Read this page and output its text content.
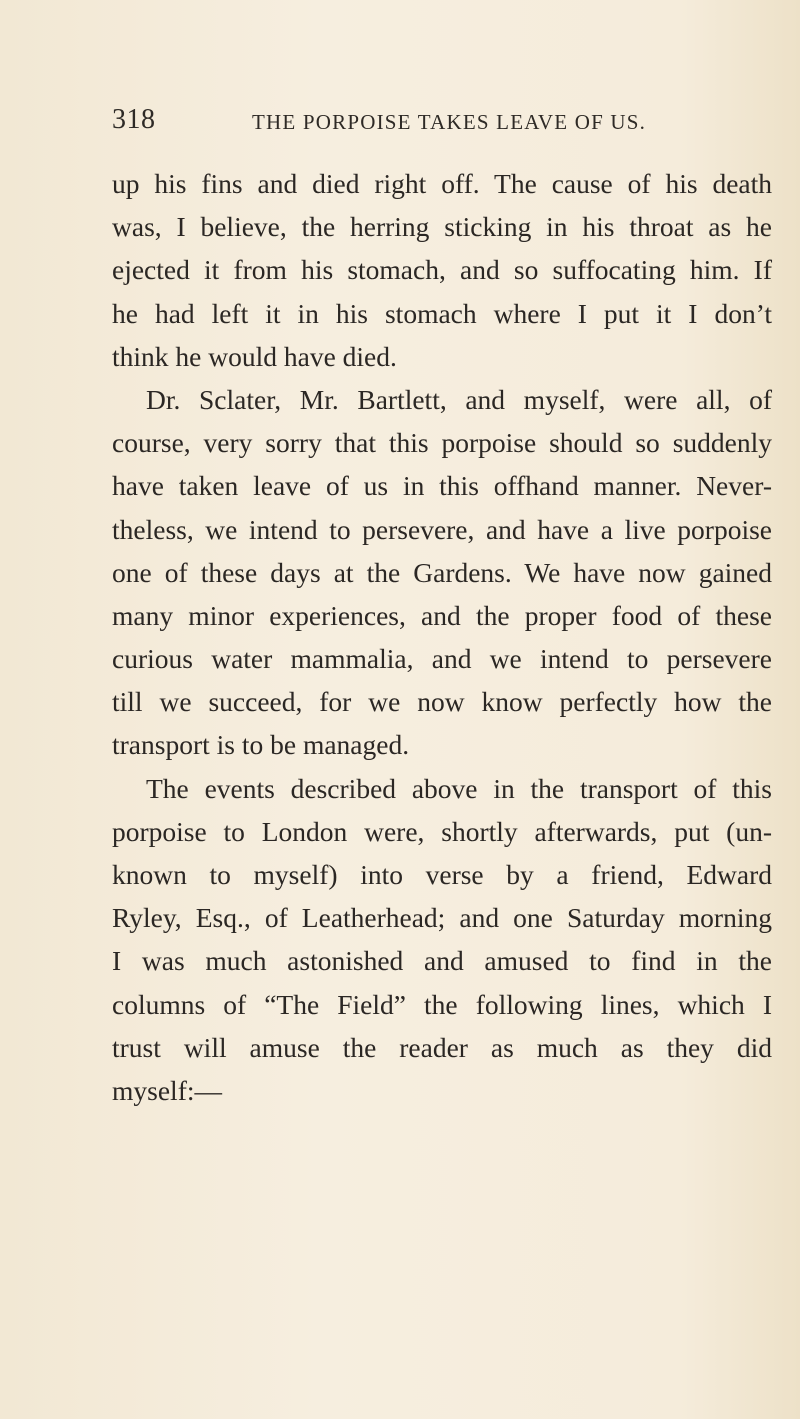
318	THE PORPOISE TAKES LEAVE OF US.
up his fins and died right off. The cause of his death
was, I believe, the herring sticking in his throat as he
ejected it from his stomach, and so suffocating him. If
he had left it in his stomach where I put it I don’t
think he would have died.
Dr. Sclater, Mr. Bartlett, and myself, were all, of
course, very sorry that this porpoise should so suddenly
have taken leave of us in this offhand manner. Never-
theless, we intend to persevere, and have a live porpoise
one of these days at the Gardens. We have now gained
many minor experiences, and the proper food of these
curious water mammalia, and we intend to persevere
till we succeed, for we now know perfectly how the
transport is to be managed.
The events described above in the transport of this
porpoise to London were, shortly afterwards, put (un-
known to myself) into verse by a friend, Edward
Ryley, Esq., of Leatherhead; and one Saturday morning
I was much astonished and amused to find in the
columns of “The Field” the following lines, which I
trust will amuse the reader as much as they did
myself:—
